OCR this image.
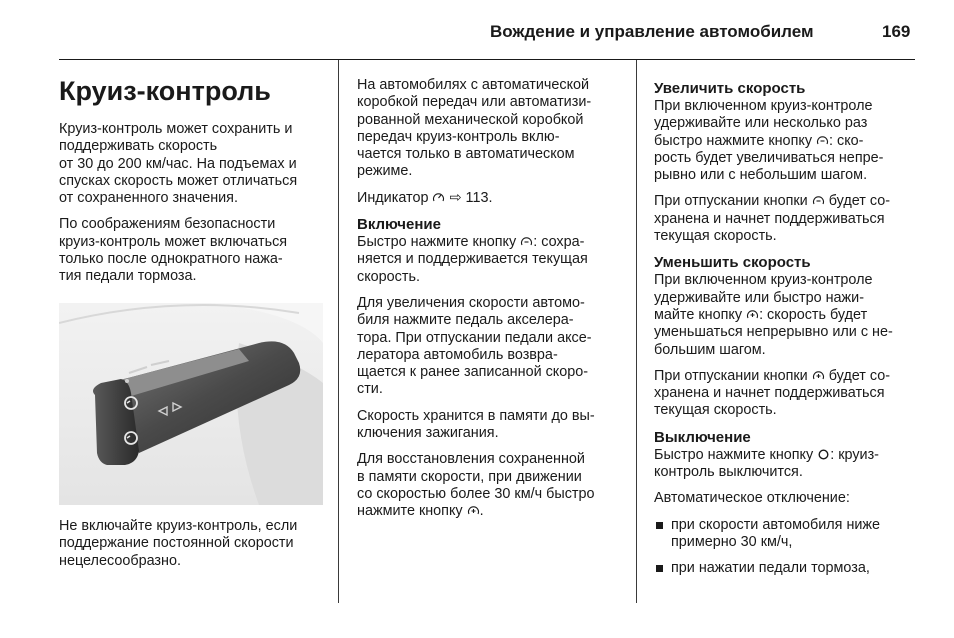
Вождение и управление автомобилем	169
Круиз-контроль

Круиз-контроль может сохранить и
поддерживать скорость
от 30 до 200 км/час. На подъемах и
спусках скорость может отличаться
от сохраненного значения.

По соображениям безопасности
круиз-контроль может включаться
только после однократного нажа-
тия педали тормоза.

Не включайте круиз-контроль, если
поддержание постоянной скорости
нецелесообразно.

На автомобилях с автоматической
коробкой передач или автоматизи-
рованной механической коробкой
передач круиз-контроль вклю-
чается только в автоматическом
режиме.

Индикатор ⇨ 113.

Включение

Быстро нажмите кнопку : сохра-
няется и поддерживается текущая
скорость.

Для увеличения скорости автомо-
биля нажмите педаль акселера-
тора. При отпускании педали аксе-
лератора автомобиль возвра-
щается к ранее записанной скоро-
сти.

Скорость хранится в памяти до вы-
ключения зажигания.

Для восстановления сохраненной
в памяти скорости, при движении
со скоростью более 30 км/ч быстро
нажмите кнопку .

Увеличить скорость

При включенном круиз-контроле
удерживайте или несколько раз
быстро нажмите кнопку : ско-
рость будет увеличиваться непре-
рывно или с небольшим шагом.

При отпускании кнопки будет со-
хранена и начнет поддерживаться
текущая скорость.

Уменьшить скорость

При включенном круиз-контроле
удерживайте или быстро нажи-
майте кнопку : скорость будет
уменьшаться непрерывно или с не-
большим шагом.

При отпускании кнопки будет со-
хранена и начнет поддерживаться
текущая скорость.

Выключение

Быстро нажмите кнопку : круиз-
контроль выключится.

Автоматическое отключение:

при скорости автомобиля ниже
примерно 30 км/ч,
при нажатии педали тормоза,
